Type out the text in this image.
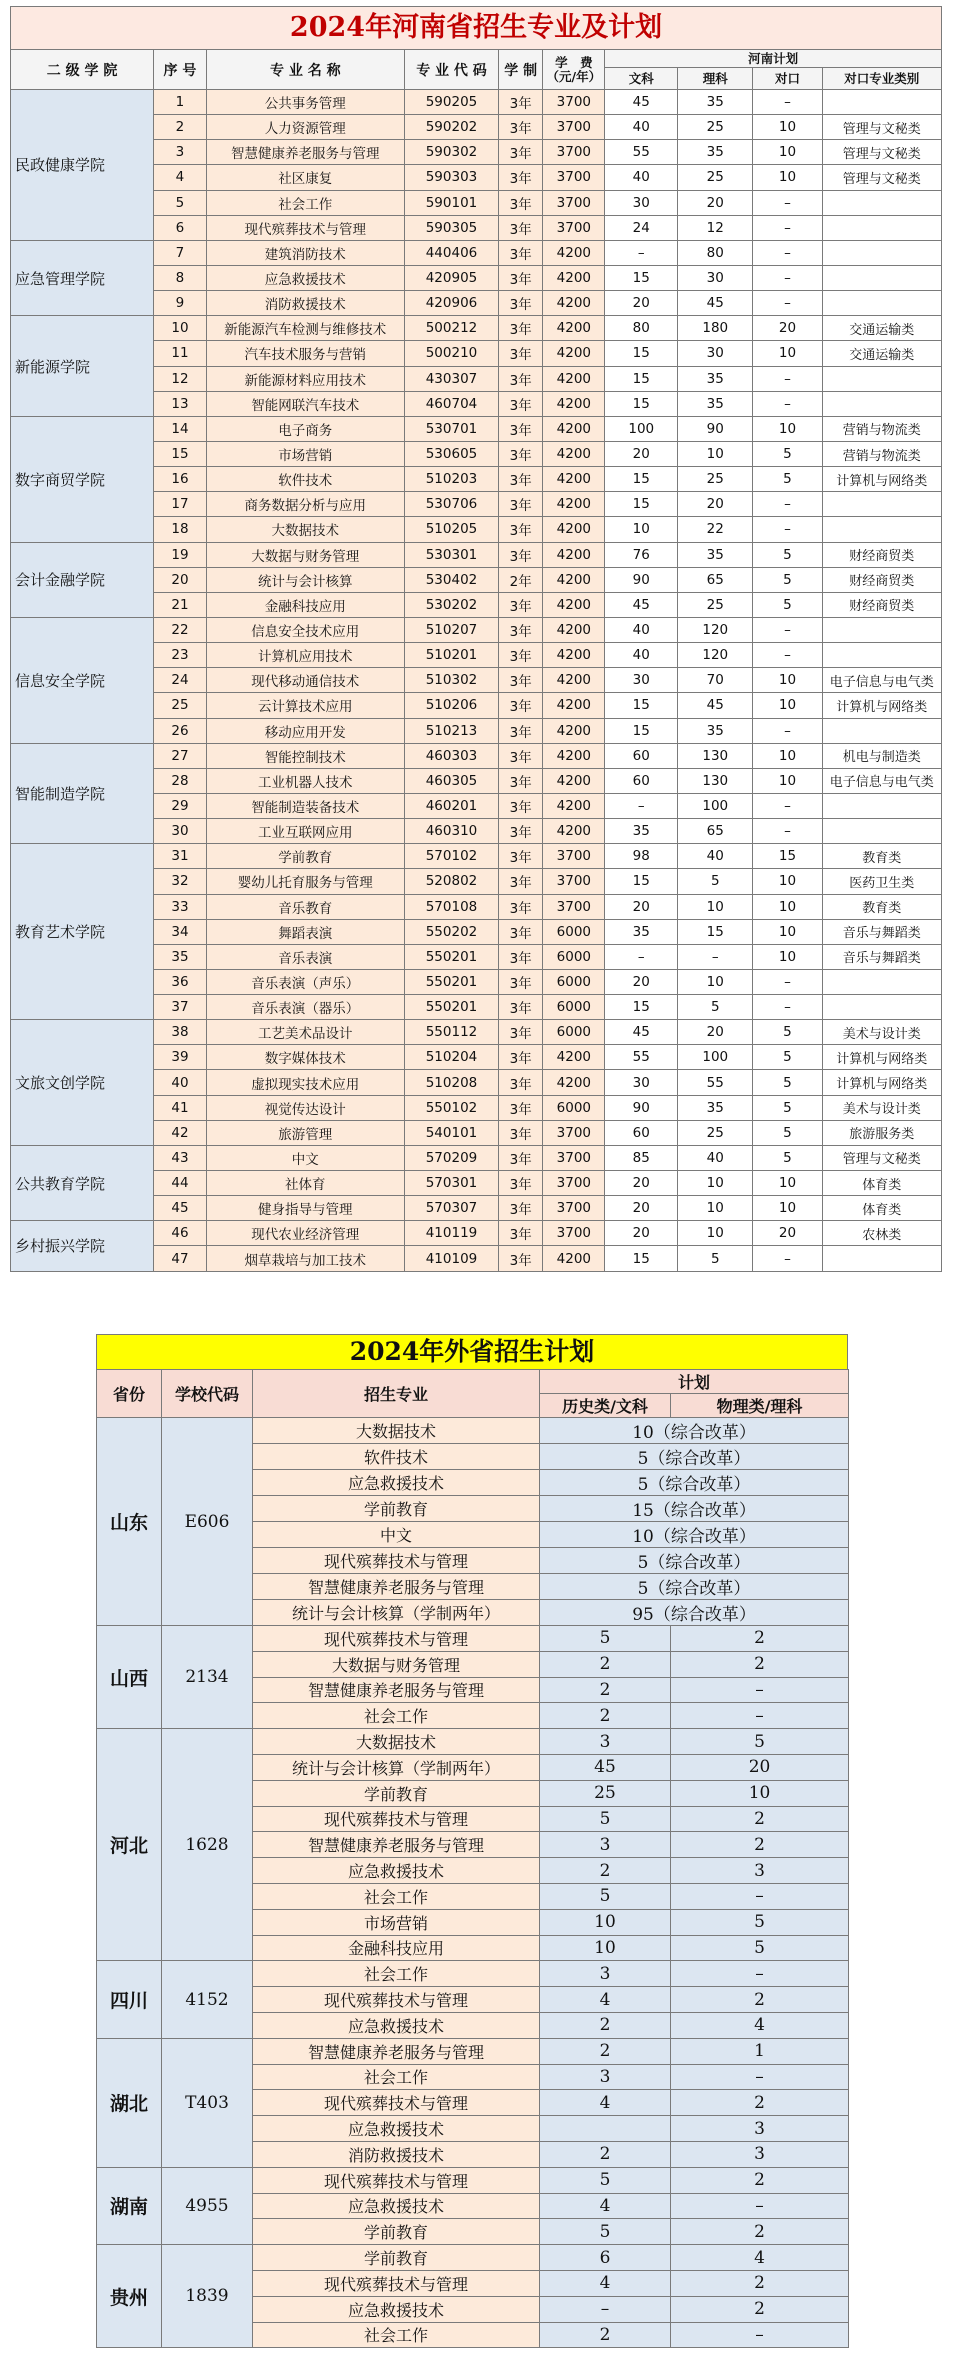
2024年河南省招生专业及计划
二 级 学 院	序 号	专 业 名 称	专 业 代 码	学 制	学　费
（元/年）	河南计划			
						文科	理科	对口	对口专业类别
民政健康学院	1	公共事务管理	590205	3年	3700	45	35	–	
	2	人力资源管理	590202	3年	3700	40	25	10	管理与文秘类
	3	智慧健康养老服务与管理	590302	3年	3700	55	35	10	管理与文秘类
	4	社区康复	590303	3年	3700	40	25	10	管理与文秘类
	5	社会工作	590101	3年	3700	30	20	–	
	6	现代殡葬技术与管理	590305	3年	3700	24	12	–	
应急管理学院	7	建筑消防技术	440406	3年	4200	–	80	–	
	8	应急救援技术	420905	3年	4200	15	30	–	
	9	消防救援技术	420906	3年	4200	20	45	–	
新能源学院	10	新能源汽车检测与维修技术	500212	3年	4200	80	180	20	交通运输类
	11	汽车技术服务与营销	500210	3年	4200	15	30	10	交通运输类
	12	新能源材料应用技术	430307	3年	4200	15	35	–	
	13	智能网联汽车技术	460704	3年	4200	15	35	–	
数字商贸学院	14	电子商务	530701	3年	4200	100	90	10	营销与物流类
	15	市场营销	530605	3年	4200	20	10	5	营销与物流类
	16	软件技术	510203	3年	4200	15	25	5	计算机与网络类
	17	商务数据分析与应用	530706	3年	4200	15	20	–	
	18	大数据技术	510205	3年	4200	10	22	–	
会计金融学院	19	大数据与财务管理	530301	3年	4200	76	35	5	财经商贸类
	20	统计与会计核算	530402	2年	4200	90	65	5	财经商贸类
	21	金融科技应用	530202	3年	4200	45	25	5	财经商贸类
信息安全学院	22	信息安全技术应用	510207	3年	4200	40	120	–	
	23	计算机应用技术	510201	3年	4200	40	120	–	
	24	现代移动通信技术	510302	3年	4200	30	70	10	电子信息与电气类
	25	云计算技术应用	510206	3年	4200	15	45	10	计算机与网络类
	26	移动应用开发	510213	3年	4200	15	35	–	
智能制造学院	27	智能控制技术	460303	3年	4200	60	130	10	机电与制造类
	28	工业机器人技术	460305	3年	4200	60	130	10	电子信息与电气类
	29	智能制造装备技术	460201	3年	4200	–	100	–	
	30	工业互联网应用	460310	3年	4200	35	65	–	
教育艺术学院	31	学前教育	570102	3年	3700	98	40	15	教育类
	32	婴幼儿托育服务与管理	520802	3年	3700	15	5	10	医药卫生类
	33	音乐教育	570108	3年	3700	20	10	10	教育类
	34	舞蹈表演	550202	3年	6000	35	15	10	音乐与舞蹈类
	35	音乐表演	550201	3年	6000	–	–	10	音乐与舞蹈类
	36	音乐表演（声乐）	550201	3年	6000	20	10	–	
	37	音乐表演（器乐）	550201	3年	6000	15	5	–	
文旅文创学院	38	工艺美术品设计	550112	3年	6000	45	20	5	美术与设计类
	39	数字媒体技术	510204	3年	4200	55	100	5	计算机与网络类
	40	虚拟现实技术应用	510208	3年	4200	30	55	5	计算机与网络类
	41	视觉传达设计	550102	3年	6000	90	35	5	美术与设计类
	42	旅游管理	540101	3年	3700	60	25	5	旅游服务类
公共教育学院	43	中文	570209	3年	3700	85	40	5	管理与文秘类
	44	社体育	570301	3年	3700	20	10	10	体育类
	45	健身指导与管理	570307	3年	3700	20	10	10	体育类
乡村振兴学院	46	现代农业经济管理	410119	3年	3700	20	10	20	农林类
	47	烟草栽培与加工技术	410109	3年	4200	15	5	–	
2024年外省招生计划
省份	学校代码	招生专业	计划	
			历史类/文科	物理类/理科
山东	E606	大数据技术	10（综合改革）	
		软件技术	5（综合改革）	
		应急救援技术	5（综合改革）	
		学前教育	15（综合改革）	
		中文	10（综合改革）	
		现代殡葬技术与管理	5（综合改革）	
		智慧健康养老服务与管理	5（综合改革）	
		统计与会计核算（学制两年）	95（综合改革）	
山西	2134	现代殡葬技术与管理	5	2
		大数据与财务管理	2	2
		智慧健康养老服务与管理	2	–
		社会工作	2	–
河北	1628	大数据技术	3	5
		统计与会计核算（学制两年）	45	20
		学前教育	25	10
		现代殡葬技术与管理	5	2
		智慧健康养老服务与管理	3	2
		应急救援技术	2	3
		社会工作	5	–
		市场营销	10	5
		金融科技应用	10	5
四川	4152	社会工作	3	–
		现代殡葬技术与管理	4	2
		应急救援技术	2	4
湖北	T403	智慧健康养老服务与管理	2	1
		社会工作	3	–
		现代殡葬技术与管理	4	2
		应急救援技术		3
		消防救援技术	2	3
湖南	4955	现代殡葬技术与管理	5	2
		应急救援技术	4	–
		学前教育	5	2
贵州	1839	学前教育	6	4
		现代殡葬技术与管理	4	2
		应急救援技术	–	2
		社会工作	2	–
